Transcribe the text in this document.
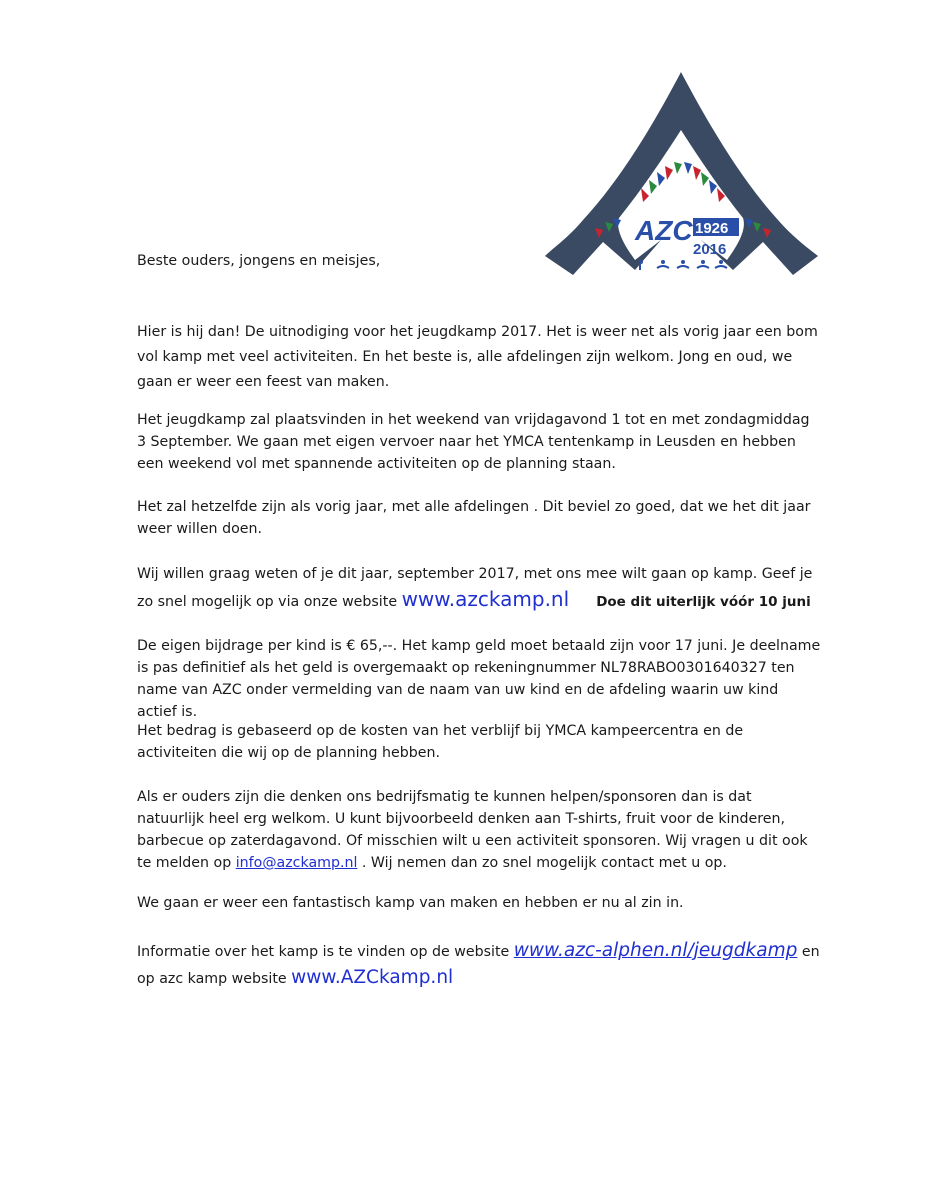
AZC 1926
2016

Beste ouders, jongens en meisjes,

Hier is hij dan! De uitnodiging voor het jeugdkamp 2017. Het is weer net als vorig jaar een bom vol kamp met veel activiteiten. En het beste is, alle afdelingen zijn welkom. Jong en oud, we gaan er weer een feest van maken.

Het jeugdkamp zal plaatsvinden in het weekend van vrijdagavond 1 tot en met zondagmiddag 3 September. We gaan met eigen vervoer naar het YMCA tentenkamp in Leusden en hebben een weekend vol met spannende activiteiten op de planning staan.

Het zal hetzelfde zijn als vorig jaar, met alle afdelingen . Dit beviel zo goed, dat we het dit jaar weer willen doen.

Wij willen graag weten of je dit jaar, september 2017, met ons mee wilt gaan op kamp. Geef je zo snel mogelijk op via onze website www.azckamp.nl Doe dit uiterlijk vóór 10 juni

De eigen bijdrage per kind is € 65,--. Het kamp geld moet betaald zijn voor 17 juni. Je deelname is pas definitief als het geld is overgemaakt op rekeningnummer NL78RABO0301640327 ten name van AZC onder vermelding van de naam van uw kind en de afdeling waarin uw kind actief is.

Het bedrag is gebaseerd op de kosten van het verblijf bij YMCA kampeercentra en de activiteiten die wij op de planning hebben.

Als er ouders zijn die denken ons bedrijfsmatig te kunnen helpen/sponsoren dan is dat natuurlijk heel erg welkom. U kunt bijvoorbeeld denken aan T-shirts, fruit voor de kinderen, barbecue op zaterdagavond. Of misschien wilt u een activiteit sponsoren. Wij vragen u dit ook te melden op info@azckamp.nl . Wij nemen dan zo snel mogelijk contact met u op.

We gaan er weer een fantastisch kamp van maken en hebben er nu al zin in.

Informatie over het kamp is te vinden op de website www.azc-alphen.nl/jeugdkamp en op azc kamp website www.AZCkamp.nl
